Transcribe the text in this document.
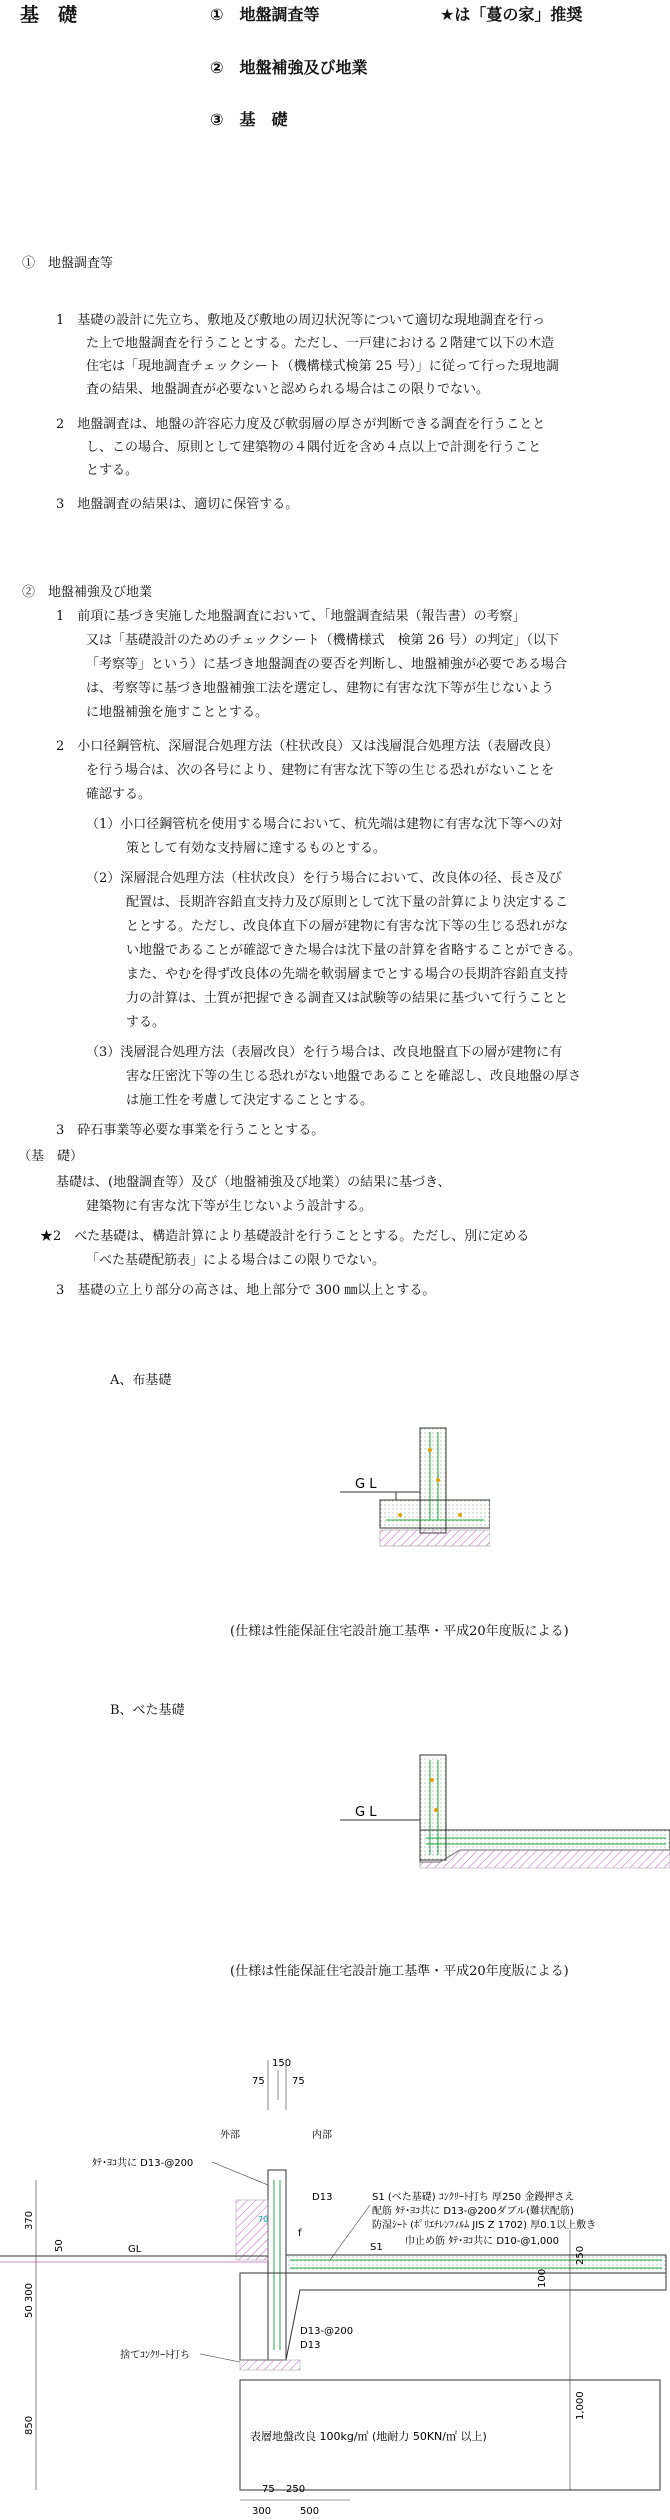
基　礎	①　地盤調査等	★は「蔓の家」推奨
②　地盤補強及び地業
③　基　礎
①　地盤調査等
1　基礎の設計に先立ち、敷地及び敷地の周辺状況等について適切な現地調査を行っ
た上で地盤調査を行うこととする。ただし、一戸建における２階建て以下の木造
住宅は「現地調査チェックシート（機構様式検第 25 号）」に従って行った現地調
査の結果、地盤調査が必要ないと認められる場合はこの限りでない。
2　地盤調査は、地盤の許容応力度及び軟弱層の厚さが判断できる調査を行うことと
し、この場合、原則として建築物の４隅付近を含め４点以上で計測を行うこと
とする。
3　地盤調査の結果は、適切に保管する。
②　地盤補強及び地業
1　前項に基づき実施した地盤調査において、「地盤調査結果（報告書）の考察」
又は「基礎設計のためのチェックシート（機構様式　検第 26 号）の判定」（以下
「考察等」という）に基づき地盤調査の要否を判断し、地盤補強が必要である場合
は、考察等に基づき地盤補強工法を選定し、建物に有害な沈下等が生じないよう
に地盤補強を施すこととする。
2　小口径鋼管杭、深層混合処理方法（柱状改良）又は浅層混合処理方法（表層改良）
を行う場合は、次の各号により、建物に有害な沈下等の生じる恐れがないことを
確認する。
（1）小口径鋼管杭を使用する場合において、杭先端は建物に有害な沈下等への対
策として有効な支持層に達するものとする。
（2）深層混合処理方法（柱状改良）を行う場合において、改良体の径、長さ及び
配置は、長期許容鉛直支持力及び原則として沈下量の計算により決定するこ
ととする。ただし、改良体直下の層が建物に有害な沈下等の生じる恐れがな
い地盤であることが確認できた場合は沈下量の計算を省略することができる。
また、やむを得ず改良体の先端を軟弱層までとする場合の長期許容鉛直支持
力の計算は、土質が把握できる調査又は試験等の結果に基づいて行うことと
する。
（3）浅層混合処理方法（表層改良）を行う場合は、改良地盤直下の層が建物に有
害な圧密沈下等の生じる恐れがない地盤であることを確認し、改良地盤の厚さ
は施工性を考慮して決定することとする。
3　砕石事業等必要な事業を行うこととする。
（基　礎）
基礎は、(地盤調査等）及び（地盤補強及び地業）の結果に基づき、
建築物に有害な沈下等が生じないよう設計する。
★2　べた基礎は、構造計算により基礎設計を行うこととする。ただし、別に定める
「べた基礎配筋表」による場合はこの限りでない。
3　基礎の立上り部分の高さは、地上部分で 300 ㎜以上とする。
A、布基礎
G L
(仕様は性能保証住宅設計施工基準・平成20年度版による)
B、べた基礎
G L
(仕様は性能保証住宅設計施工基準・平成20年度版による)
150
75	75
外部	内部
ﾀﾃ･ﾖｺ共に D13-@200
D13
f
70
GL	S1
表層地盤改良 100kg/㎥ (地耐力 50KN/㎡ 以上)
S1 (べた基礎) ｺﾝｸﾘｰﾄ打ち 厚250 金鏝押さえ
配筋 ﾀﾃ･ﾖｺ共に D13-@200ダブル(難状配筋)
防湿ｼｰﾄ (ﾎﾟﾘｴﾁﾚﾝﾌｨﾙﾑ JIS Z 1702) 厚0.1以上敷き
巾止め筋 ﾀﾃ･ﾖｺ共に D10-@1,000
D13-@200
D13
捨てｺﾝｸﾘｰﾄ打ち
370
50
50 300
850
250
100
1,000
75 250
300	500
